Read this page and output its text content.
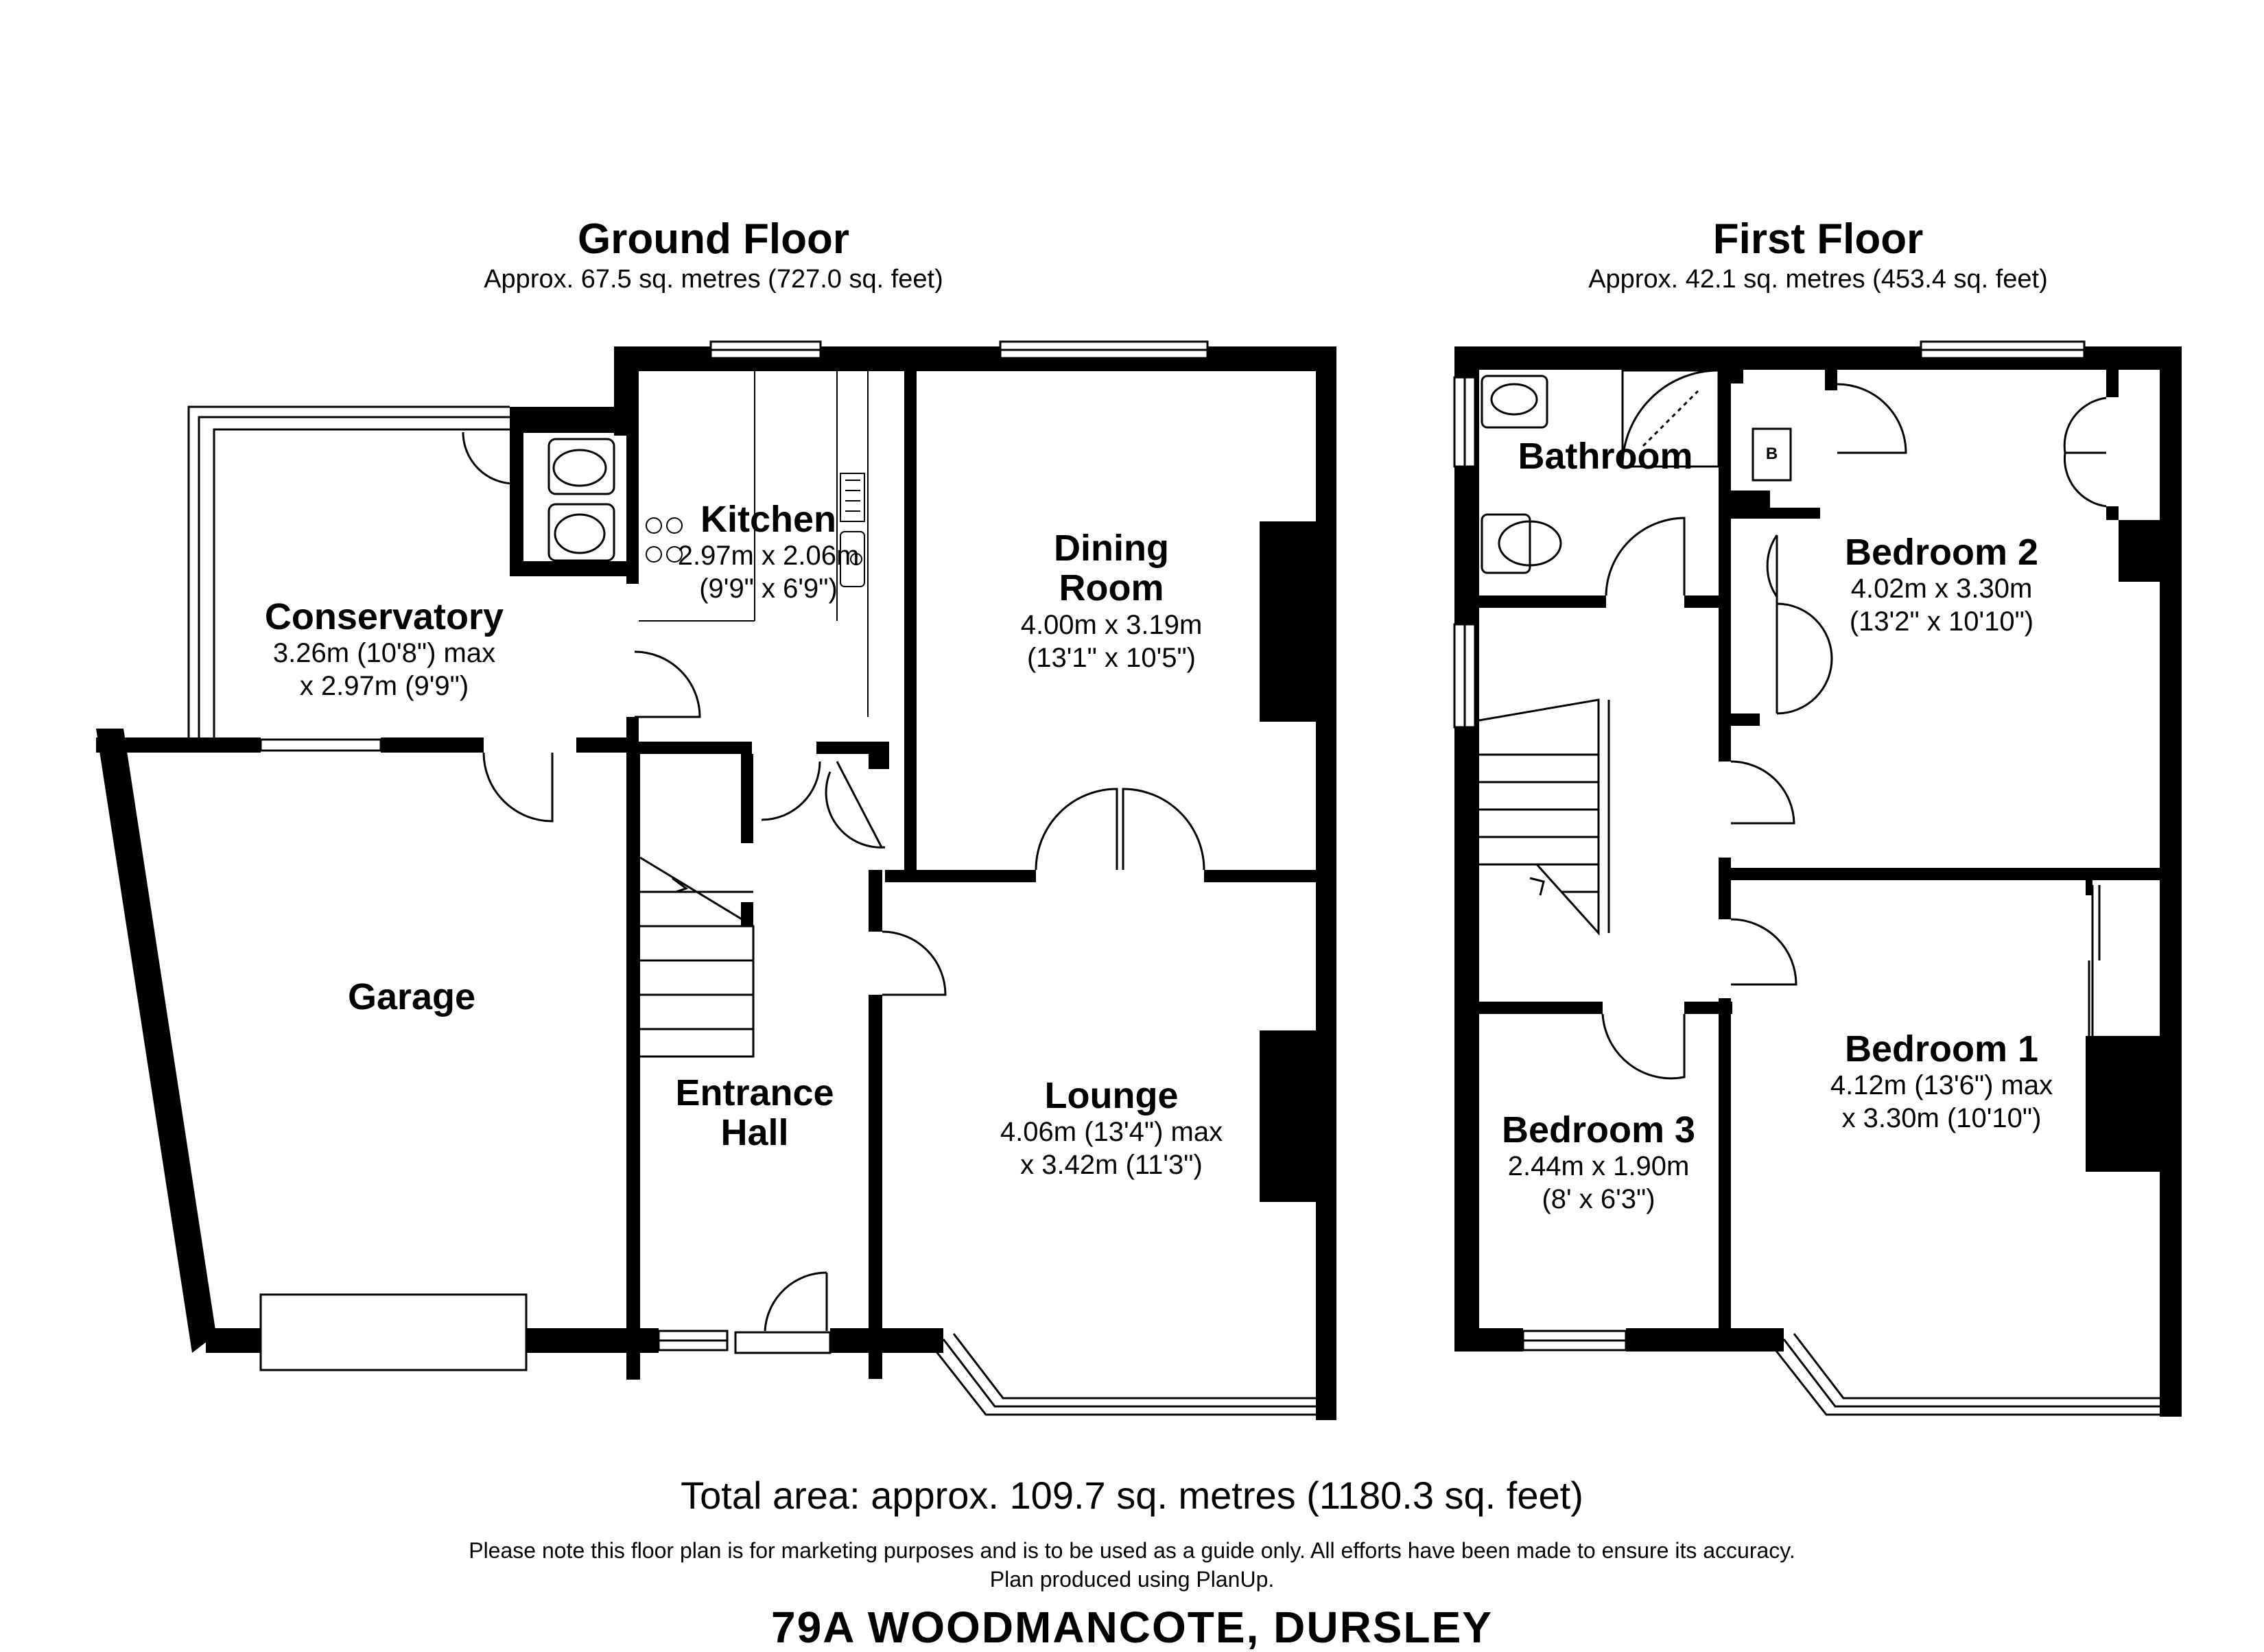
Ground Floor
Approx. 67.5 sq. metres (727.0 sq. feet)
First Floor
Approx. 42.1 sq. metres (453.4 sq. feet)
Conservatory
3.26m (10'8") max
x 2.97m (9'9")
Kitchen
2.97m x 2.06m
(9'9" x 6'9")
Dining
Room
4.00m x 3.19m
(13'1" x 10'5")
Garage
Entrance
Hall
Lounge
4.06m (13'4") max
x 3.42m (11'3")
Bathroom	B
Bedroom 2
4.02m x 3.30m
(13'2" x 10'10")
Bedroom 1
4.12m (13'6") max
x 3.30m (10'10")
Bedroom 3
2.44m x 1.90m
(8' x 6'3")
Total area: approx. 109.7 sq. metres (1180.3 sq. feet)
Please note this floor plan is for marketing purposes and is to be used as a guide only. All efforts have been made to ensure its accuracy.
Plan produced using PlanUp.
79A WOODMANCOTE, DURSLEY
